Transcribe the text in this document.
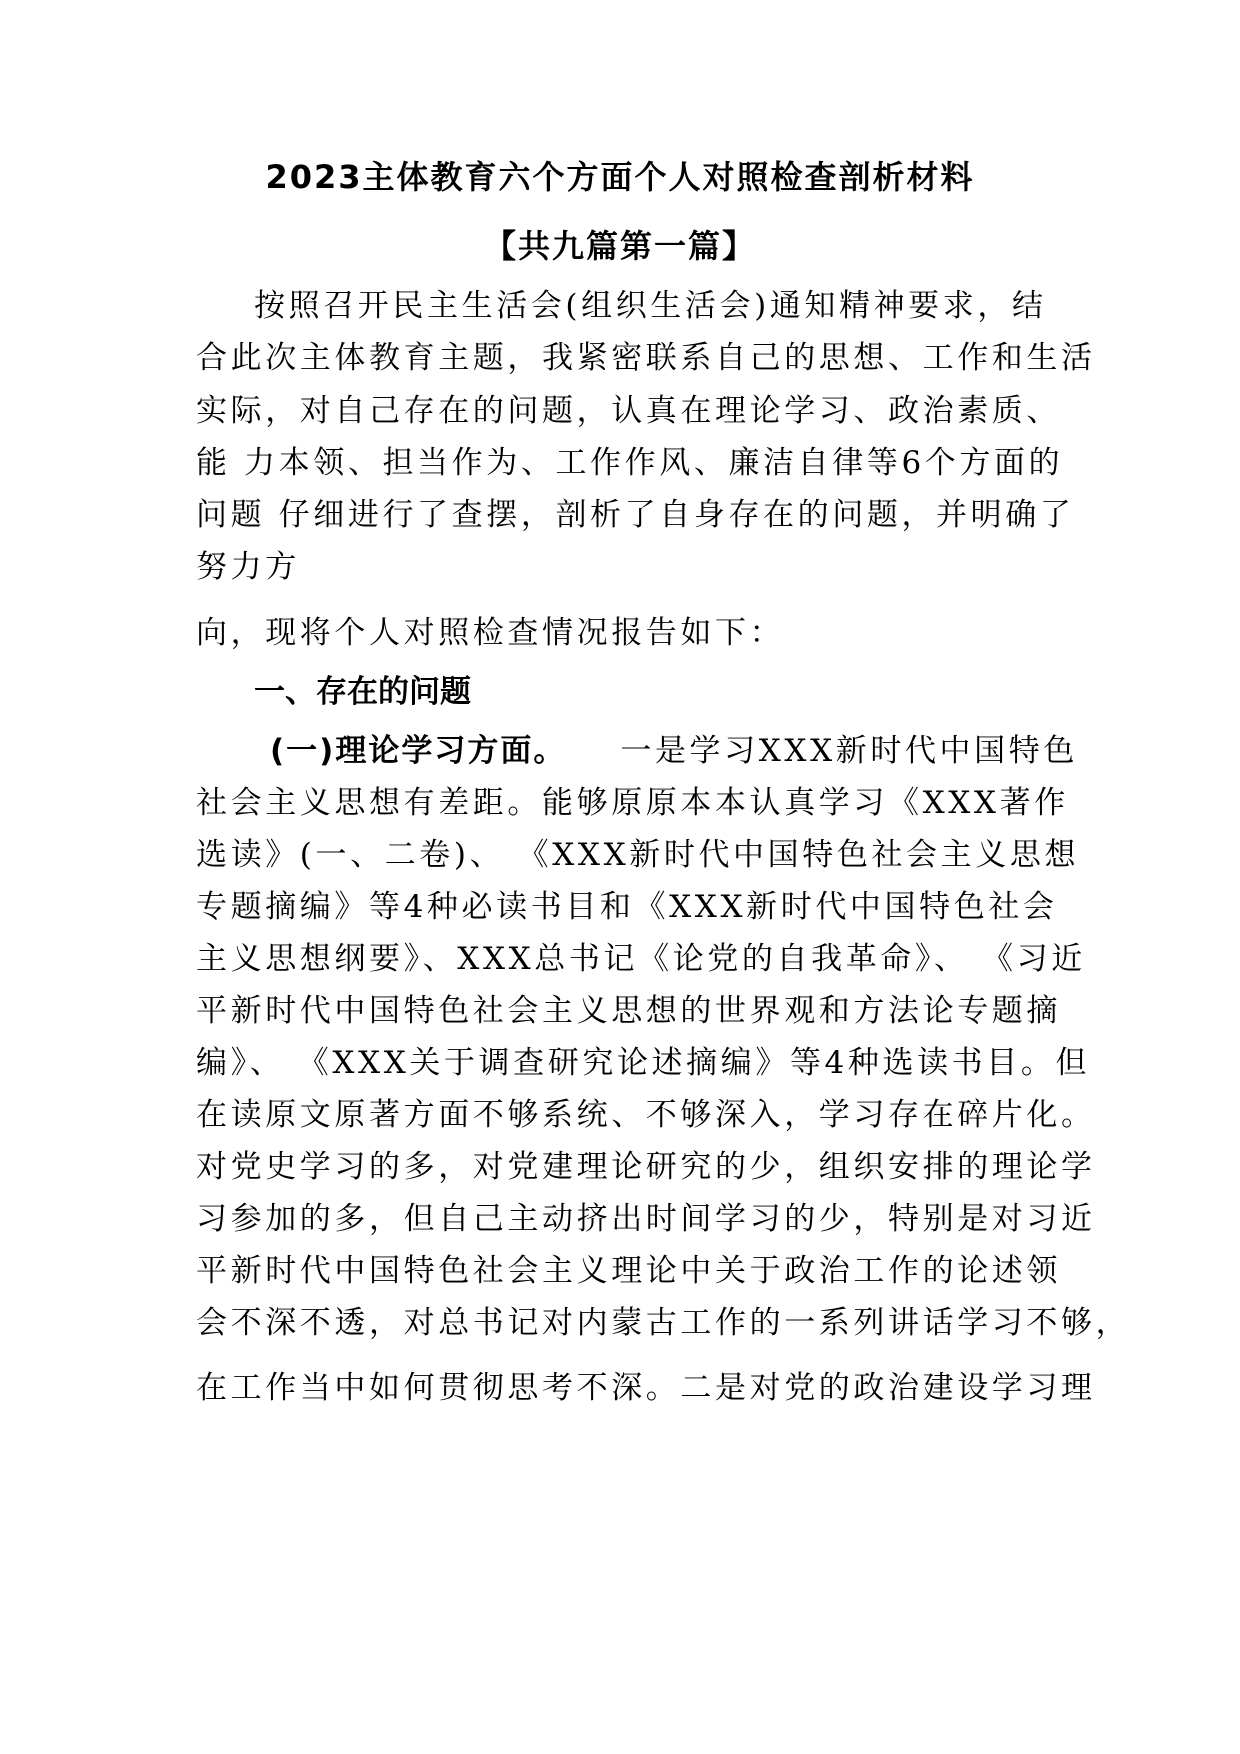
2023主体教育六个方面个人对照检查剖析材料
【共九篇第一篇】
按照召开民主生活会(组织生活会)通知精神要求，结
合此次主体教育主题，我紧密联系自己的思想、工作和生活
实际，对自己存在的问题，认真在理论学习、政治素质、
能 力本领、担当作为、工作作风、廉洁自律等6个方面的
问题 仔细进行了查摆，剖析了自身存在的问题，并明确了
努力方
向，现将个人对照检查情况报告如下：
一、存在的问题
(一)理论学习方面。 一是学习XXX新时代中国特色
社会主义思想有差距。能够原原本本认真学习《XXX著作
选读》(一、二卷)、 《XXX新时代中国特色社会主义思想
专题摘编》等4种必读书目和《XXX新时代中国特色社会
主义思想纲要》、XXX总书记《论党的自我革命》、 《习近
平新时代中国特色社会主义思想的世界观和方法论专题摘
编》、 《XXX关于调查研究论述摘编》等4种选读书目。但
在读原文原著方面不够系统、不够深入，学习存在碎片化。
对党史学习的多，对党建理论研究的少，组织安排的理论学
习参加的多，但自己主动挤出时间学习的少，特别是对习近
平新时代中国特色社会主义理论中关于政治工作的论述领
会不深不透，对总书记对内蒙古工作的一系列讲话学习不够，
在工作当中如何贯彻思考不深。二是对党的政治建设学习理
